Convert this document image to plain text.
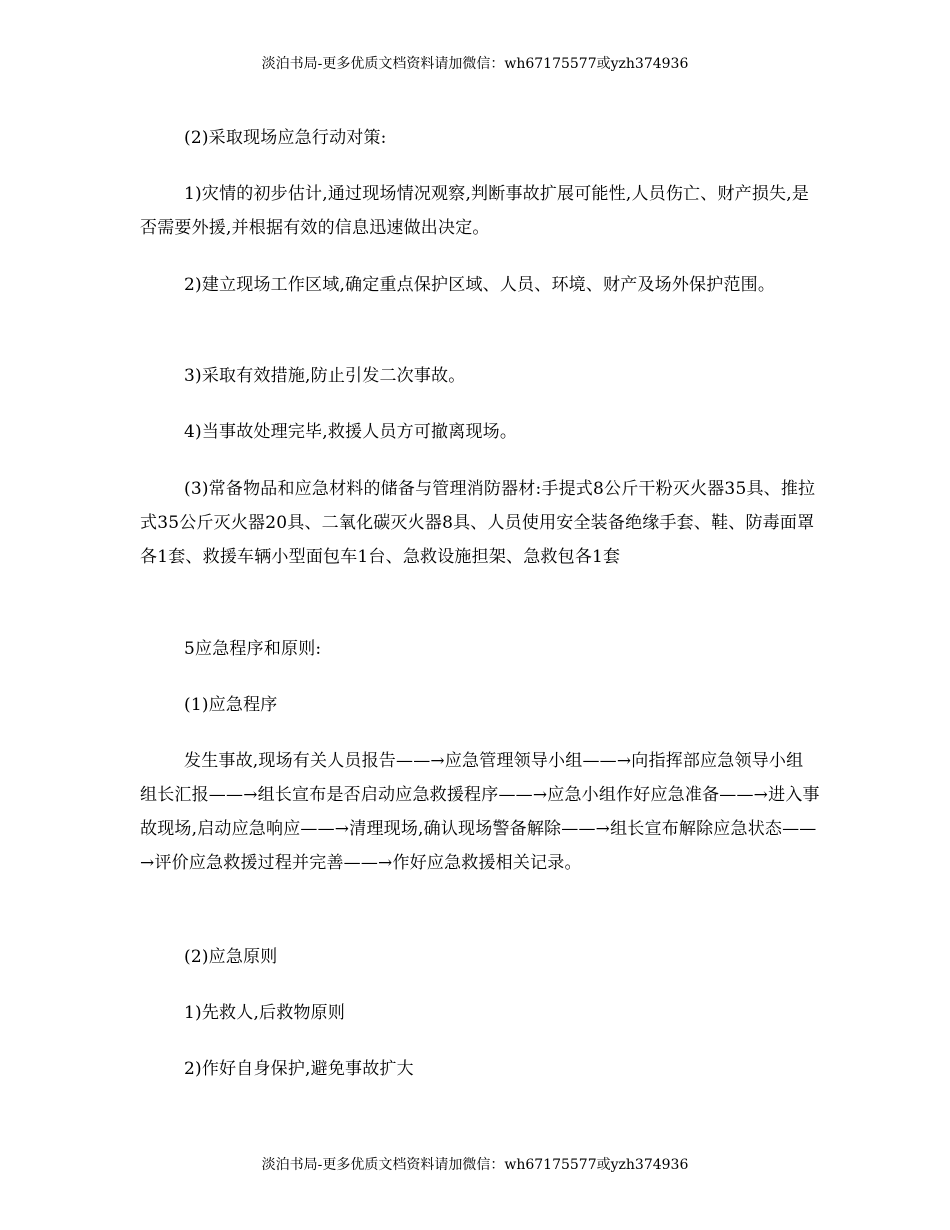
淡泊书局-更多优质文档资料请加微信：wh67175577或yzh374936

(2)采取现场应急行动对策:

1)灾情的初步估计,通过现场情况观察,判断事故扩展可能性,人员伤亡、财产损失,是否需要外援,并根据有效的信息迅速做出决定。

2)建立现场工作区域,确定重点保护区域、人员、环境、财产及场外保护范围。

3)采取有效措施,防止引发二次事故。

4)当事故处理完毕,救援人员方可撤离现场。

(3)常备物品和应急材料的储备与管理消防器材:手提式8公斤干粉灭火器35具、推拉式35公斤灭火器20具、二氧化碳灭火器8具、人员使用安全装备绝缘手套、鞋、防毒面罩各1套、救援车辆小型面包车1台、急救设施担架、急救包各1套

5应急程序和原则:

(1)应急程序

发生事故,现场有关人员报告——→应急管理领导小组——→向指挥部应急领导小组组长汇报——→组长宣布是否启动应急救援程序——→应急小组作好应急准备——→进入事故现场,启动应急响应——→清理现场,确认现场警备解除——→组长宣布解除应急状态——→评价应急救援过程并完善——→作好应急救援相关记录。

(2)应急原则

1)先救人,后救物原则

2)作好自身保护,避免事故扩大

淡泊书局-更多优质文档资料请加微信：wh67175577或yzh374936
